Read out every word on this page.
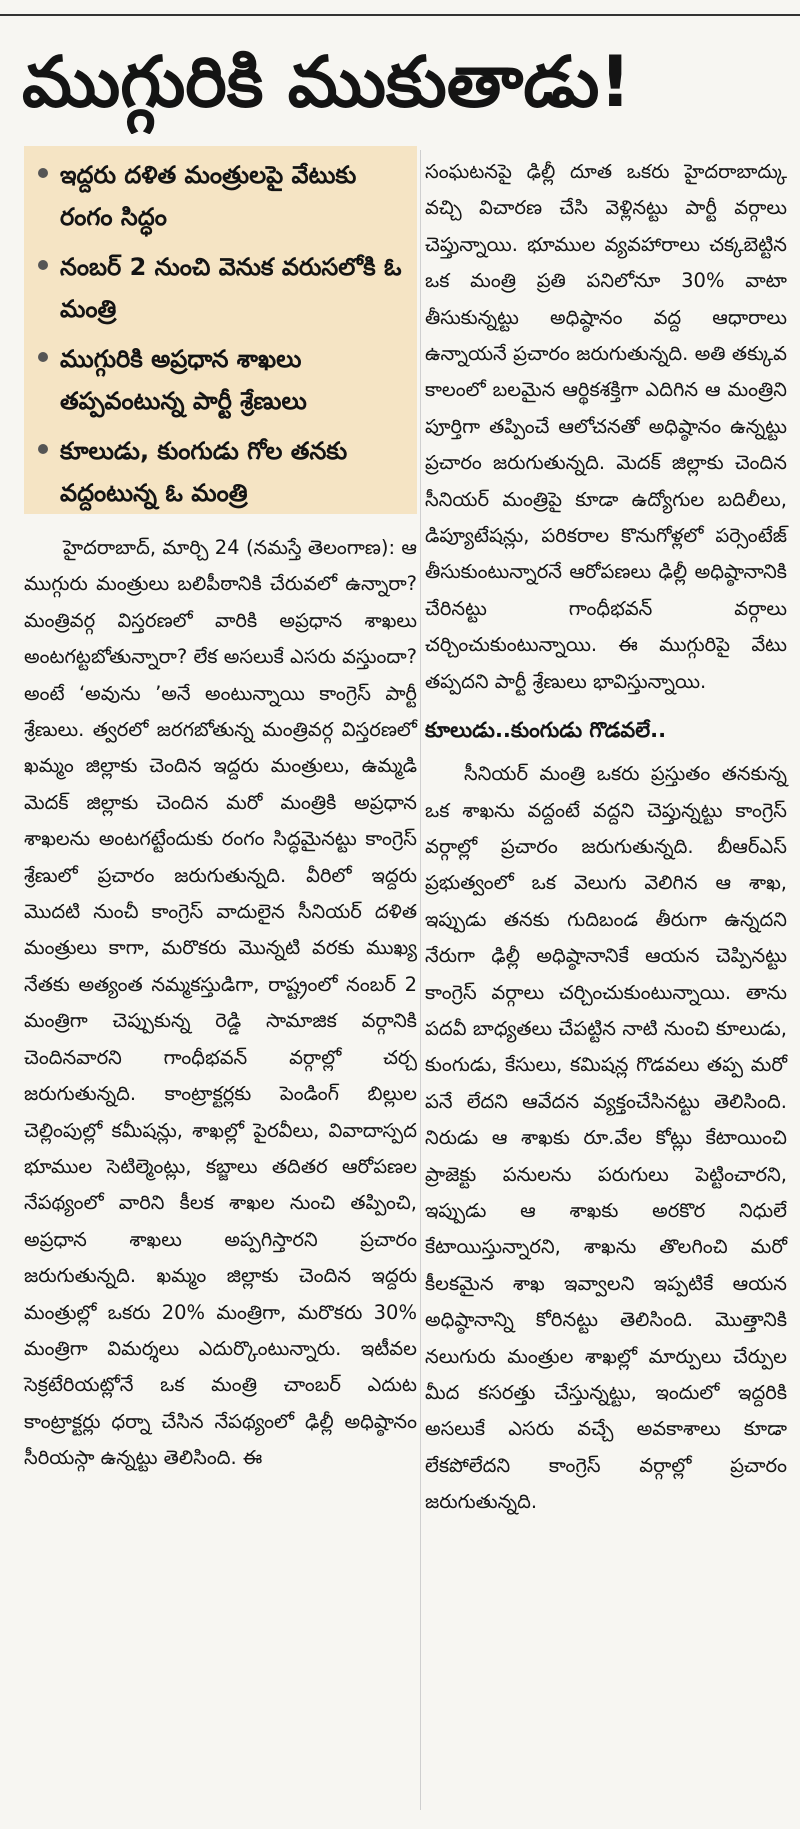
ముగ్గురికి ముకుతాడు!
ఇద్దరు దళిత మంత్రులపై వేటుకు రంగం సిద్ధం
నంబర్ 2 నుంచి వెనుక వరుసలోకి ఓ మంత్రి
ముగ్గురికి అప్రధాన శాఖలు తప్పవంటున్న పార్టీ శ్రేణులు
కూలుడు, కుంగుడు గోల తనకు వద్దంటున్న ఓ మంత్రి

హైదరాబాద్, మార్చి 24 (నమస్తే తెలంగాణ): ఆ ముగ్గురు మంత్రులు బలిపీఠానికి చేరువలో ఉన్నారా? మంత్రివర్గ విస్తరణలో వారికి అప్రధాన శాఖలు అంటగట్టబోతున్నారా? లేక అసలుకే ఎసరు వస్తుందా? అంటే ‘అవును ’అనే అంటున్నాయి కాంగ్రెస్ పార్టీ శ్రేణులు. త్వరలో జరగబోతున్న మంత్రివర్గ విస్తరణలో ఖమ్మం జిల్లాకు చెందిన ఇద్దరు మంత్రులు, ఉమ్మడి మెదక్ జిల్లాకు చెందిన మరో మంత్రికి అప్రధాన శాఖలను అంటగట్టేందుకు రంగం సిద్ధమైనట్టు కాంగ్రెస్ శ్రేణులో ప్రచారం జరుగుతున్నది. వీరిలో ఇద్దరు మొదటి నుంచీ కాంగ్రెస్ వాదులైన సీనియర్ దళిత మంత్రులు కాగా, మరొకరు మొన్నటి వరకు ముఖ్య నేతకు అత్యంత నమ్మకస్తుడిగా, రాష్ట్రంలో నంబర్ 2 మంత్రిగా చెప్పుకున్న రెడ్డి సామాజిక వర్గానికి చెందినవారని గాంధీభవన్ వర్గాల్లో చర్చ జరుగుతున్నది. కాంట్రాక్టర్లకు పెండింగ్ బిల్లుల చెల్లింపుల్లో కమీషన్లు, శాఖల్లో పైరవీలు, వివాదాస్పద భూముల సెటిల్మెంట్లు, కబ్జాలు తదితర ఆరోపణల నేపథ్యంలో వారిని కీలక శాఖల నుంచి తప్పించి, అప్రధాన శాఖలు అప్పగిస్తారని ప్రచారం జరుగుతున్నది. ఖమ్మం జిల్లాకు చెందిన ఇద్దరు మంత్రుల్లో ఒకరు 20% మంత్రిగా, మరొకరు 30% మంత్రిగా విమర్శలు ఎదుర్కొంటున్నారు. ఇటీవల సెక్రటేరియట్లోనే ఒక మంత్రి చాంబర్ ఎదుట కాంట్రాక్టర్లు ధర్నా చేసిన నేపథ్యంలో ఢిల్లీ అధిష్ఠానం సీరియస్గా ఉన్నట్టు తెలిసింది. ఈ

సంఘటనపై ఢిల్లీ దూత ఒకరు హైదరాబాద్కు వచ్చి విచారణ చేసి వెళ్లినట్టు పార్టీ వర్గాలు చెప్తున్నాయి. భూముల వ్యవహారాలు చక్కబెట్టిన ఒక మంత్రి ప్రతి పనిలోనూ 30% వాటా తీసుకున్నట్టు అధిష్ఠానం వద్ద ఆధారాలు ఉన్నాయనే ప్రచారం జరుగుతున్నది. అతి తక్కువ కాలంలో బలమైన ఆర్థికశక్తిగా ఎదిగిన ఆ మంత్రిని పూర్తిగా తప్పించే ఆలోచనతో అధిష్ఠానం ఉన్నట్టు ప్రచారం జరుగుతున్నది. మెదక్ జిల్లాకు చెందిన సీనియర్ మంత్రిపై కూడా ఉద్యోగుల బదిలీలు, డిప్యూటేషన్లు, పరికరాల కొనుగోళ్లలో పర్సెంటేజ్ తీసుకుంటున్నారనే ఆరోపణలు ఢిల్లీ అధిష్ఠానానికి చేరినట్టు గాంధీభవన్ వర్గాలు చర్చించుకుంటున్నాయి. ఈ ముగ్గురిపై వేటు తప్పదని పార్టీ శ్రేణులు భావిస్తున్నాయి.

కూలుడు..కుంగుడు గొడవలే..

సీనియర్ మంత్రి ఒకరు ప్రస్తుతం తనకున్న ఒక శాఖను వద్దంటే వద్దని చెప్తున్నట్టు కాంగ్రెస్ వర్గాల్లో ప్రచారం జరుగుతున్నది. బీఆర్ఎస్ ప్రభుత్వంలో ఒక వెలుగు వెలిగిన ఆ శాఖ, ఇప్పుడు తనకు గుదిబండ తీరుగా ఉన్నదని నేరుగా ఢిల్లీ అధిష్ఠానానికే ఆయన చెప్పినట్టు కాంగ్రెస్ వర్గాలు చర్చించుకుంటున్నాయి. తాను పదవీ బాధ్యతలు చేపట్టిన నాటి నుంచి కూలుడు, కుంగుడు, కేసులు, కమిషన్ల గొడవలు తప్ప మరో పనే లేదని ఆవేదన వ్యక్తంచేసినట్టు తెలిసింది. నిరుడు ఆ శాఖకు రూ.వేల కోట్లు కేటాయించి ప్రాజెక్టు పనులను పరుగులు పెట్టించారని, ఇప్పుడు ఆ శాఖకు అరకొర నిధులే కేటాయిస్తున్నారని, శాఖను తొలగించి మరో కీలకమైన శాఖ ఇవ్వాలని ఇప్పటికే ఆయన అధిష్ఠానాన్ని కోరినట్టు తెలిసింది. మొత్తానికి నలుగురు మంత్రుల శాఖల్లో మార్పులు చేర్పుల మీద కసరత్తు చేస్తున్నట్టు, ఇందులో ఇద్దరికి అసలుకే ఎసరు వచ్చే అవకాశాలు కూడా లేకపోలేదని కాంగ్రెస్ వర్గాల్లో ప్రచారం జరుగుతున్నది.
